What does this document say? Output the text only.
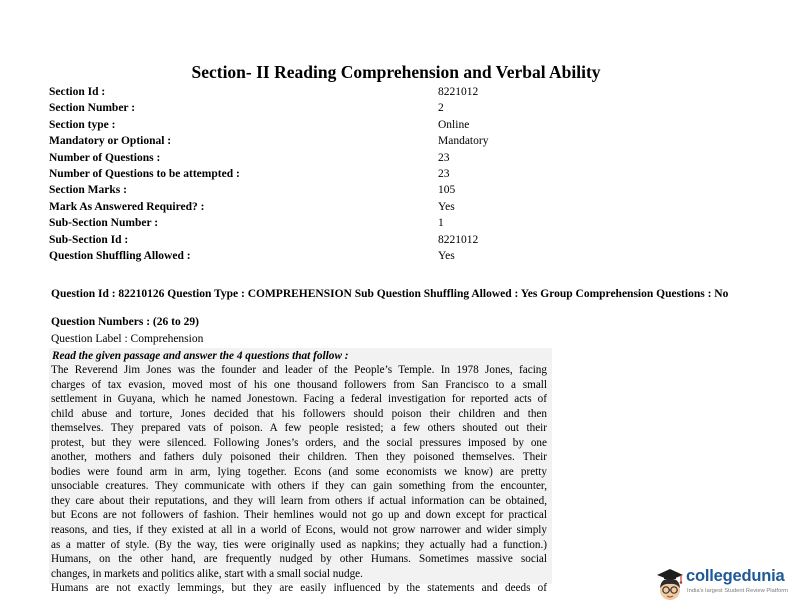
Section- II Reading Comprehension and Verbal Ability
Section Id :	8221012
Section Number :	2
Section type :	Online
Mandatory or Optional :	Mandatory
Number of Questions :	23
Number of Questions to be attempted :	23
Section Marks :	105
Mark As Answered Required? :	Yes
Sub-Section Number :	1
Sub-Section Id :	8221012
Question Shuffling Allowed :	Yes
Question Id : 82210126 Question Type : COMPREHENSION Sub Question Shuffling Allowed : Yes Group Comprehension Questions : No
Question Numbers : (26 to 29)
Question Label : Comprehension
Read the given passage and answer the 4 questions that follow :
The Reverend Jim Jones was the founder and leader of the People’s Temple. In 1978 Jones, facing
charges of tax evasion, moved most of his one thousand followers from San Francisco to a small
settlement in Guyana, which he named Jonestown. Facing a federal investigation for reported acts of
child abuse and torture, Jones decided that his followers should poison their children and then
themselves. They prepared vats of poison. A few people resisted; a few others shouted out their
protest, but they were silenced. Following Jones’s orders, and the social pressures imposed by one
another, mothers and fathers duly poisoned their children. Then they poisoned themselves. Their
bodies were found arm in arm, lying together. Econs (and some economists we know) are pretty
unsociable creatures. They communicate with others if they can gain something from the encounter,
they care about their reputations, and they will learn from others if actual information can be obtained,
but Econs are not followers of fashion. Their hemlines would not go up and down except for practical
reasons, and ties, if they existed at all in a world of Econs, would not grow narrower and wider simply
as a matter of style. (By the way, ties were originally used as napkins; they actually had a function.)
Humans, on the other hand, are frequently nudged by other Humans. Sometimes massive social
changes, in markets and politics alike, start with a small social nudge.
Humans are not exactly lemmings, but they are easily influenced by the statements and deeds of
collegedunia
India's largest Student Review Platform
